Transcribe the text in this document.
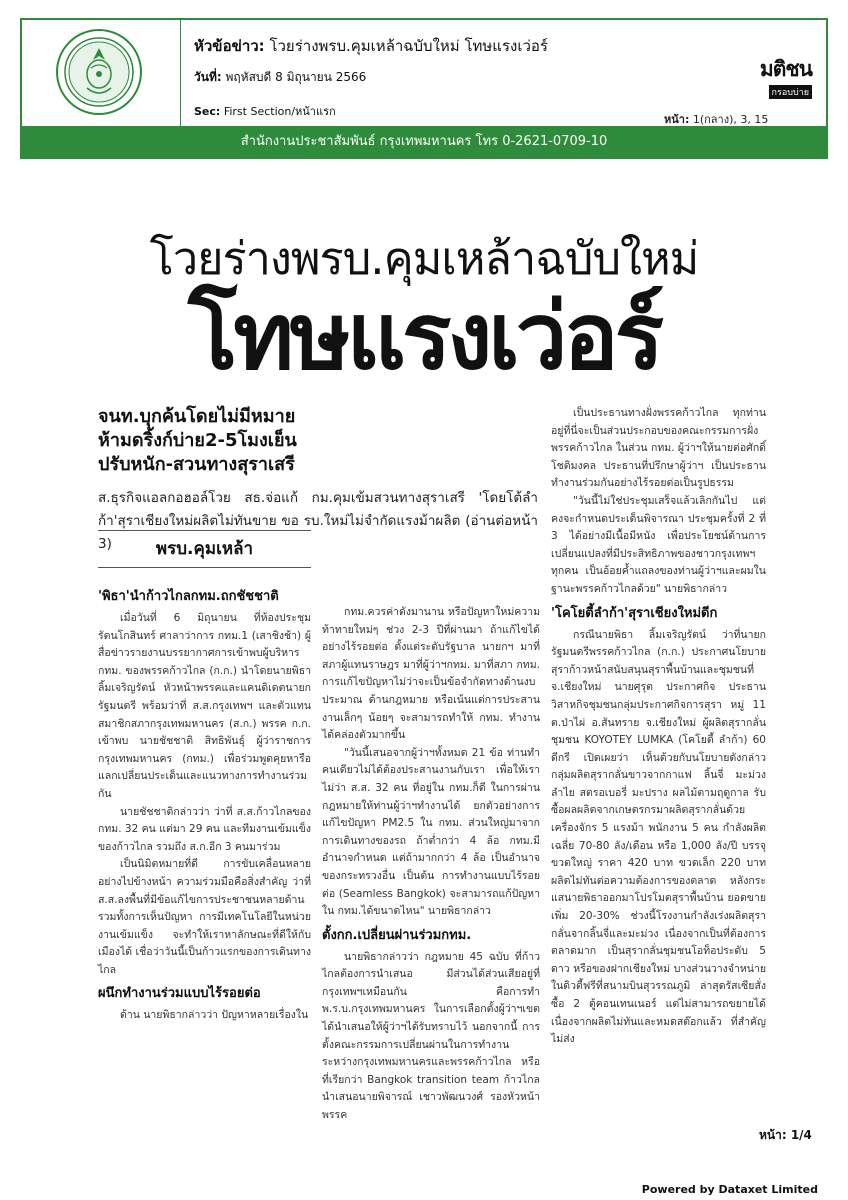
หัวข้อข่าว: โวยร่างพรบ.คุมเหล้าฉบับใหม่ โทษแรงเว่อร์
วันที่: พฤหัสบดี 8 มิถุนายน 2566
Sec: First Section/หน้าแรก
หน้า: 1(กลาง), 3, 15
มติชน
กรอบบ่าย
สำนักงานประชาสัมพันธ์ กรุงเทพมหานคร โทร 0-2621-0709-10
โวยร่างพรบ.คุมเหล้าฉบับใหม่
โทษแรงเว่อร์
จนท.บุกค้นโดยไม่มีหมาย
ห้ามดริ้งก์บ่าย2-5โมงเย็น
ปรับหนัก-สวนทางสุราเสรี
ส.ธุรกิจแอลกอฮอล์โวย สธ.จ่อแก้ กม.คุมเข้มสวนทางสุราเสรี 'โดยโต้ลำก้า'สุราเชียงใหม่ผลิตไม่ทันขาย ขอ รบ.ใหม่ไม่จำกัดแรงม้าผลิต (อ่านต่อหน้า 3)	พรบ.คุมเหล้า
'พิธา'นำก้าวไกลกทม.ถกชัชชาติ

เมื่อวันที่ 6 มิถุนายน ที่ห้องประชุมรัตนโกสินทร์ ศาลาว่าการ กทม.1 (เสาชิงช้า) ผู้สื่อข่าวรายงานบรรยากาศการเข้าพบผู้บริหาร กทม. ของพรรคก้าวไกล (ก.ก.) นำโดยนายพิธา ลิ้มเจริญรัตน์ หัวหน้าพรรคและแคนดิเดตนายกรัฐมนตรี พร้อมว่าที่ ส.ส.กรุงเทพฯ และตัวแทน สมาชิกสภากรุงเทพมหานคร (ส.ก.) พรรค ก.ก. เข้าพบ นายชัชชาติ สิทธิพันธุ์ ผู้ว่าราชการกรุงเทพมหานคร (กทม.) เพื่อร่วมพูดคุยหารือแลกเปลี่ยนประเด็นและแนวทางการทำงานร่วมกัน

นายชัชชาติกล่าวว่า ว่าที่ ส.ส.ก้าวไกลของ กทม. 32 คน แต่มา 29 คน และทีมงานเข้มแข็งของก้าวไกล รวมถึง ส.ก.อีก 3 คนมาร่วม

เป็นนิมิตหมายที่ดี การขับเคลื่อนหลายอย่างไปข้างหน้า ความร่วมมือคือสิ่งสำคัญ ว่าที่ ส.ส.ลงพื้นที่มีข้อแก้ไขการประชาชนหลายด้าน รวมทั้งการเห็นปัญหา การมีเทคโนโลยีในหน่วยงานเข้มแข็ง จะทำให้เราหาลักษณะที่ดีให้กับเมืองได้ เชื่อว่าวันนี้เป็นก้าวแรกของการเดินทางไกล

ผนึกทำงานร่วมแบบไร้รอยต่อ

ด้าน นายพิธากล่าวว่า ปัญหาหลายเรื่องใน

กทม.ควรค่าดังมานาน หรือปัญหาใหม่ความท้าทายใหม่ๆ ช่วง 2-3 ปีที่ผ่านมา ถ้าแก้ไขได้อย่างไร้รอยต่อ ตั้งแต่ระดับรัฐบาล นายกฯ มาที่สภาผู้แทนราษฎร มาที่ผู้ว่าฯกทม. มาที่สภา กทม. การแก้ไขปัญหาไม่ว่าจะเป็นข้อจำกัดทางด้านงบประมาณ ด้านกฎหมาย หรือเน้นแต่การประสานงานเล็กๆ น้อยๆ จะสามารถทำให้ กทม. ทำงานได้คล่องตัวมากขึ้น

"วันนี้เสนอจากผู้ว่าฯทั้งหมด 21 ข้อ ท่านทำคนเดียวไม่ได้ต้องประสานงานกับเรา เพื่อให้เราไม่ว่า ส.ส. 32 คน ที่อยู่ใน กทม.ก็ดี ในการผ่านกฎหมายให้ท่านผู้ว่าฯทำงานได้ ยกตัวอย่างการแก้ไขปัญหา PM2.5 ใน กทม. ส่วนใหญ่มาจากการเดินทางของรถ ถ้าต่ำกว่า 4 ล้อ กทม.มีอำนาจกำหนด แต่ถ้ามากกว่า 4 ล้อ เป็นอำนาจของกระทรวงอื่น เป็นต้น การทำงานแบบไร้รอยต่อ (Seamless Bangkok) จะสามารถแก้ปัญหาใน กทม.ได้ขนาดไหน" นายพิธากล่าว

ตั้งกก.เปลี่ยนผ่านร่วมกทม.

นายพิธากล่าวว่า กฎหมาย 45 ฉบับ ที่ก้าวไกลต้องการนำเสนอ มีส่วนได้ส่วนเสียอยู่ที่กรุงเทพฯเหมือนกัน คือการทำ พ.ร.บ.กรุงเทพมหานคร ในการเลือกตั้งผู้ว่าฯเขต ได้นำเสนอให้ผู้ว่าฯได้รับทราบไว้ นอกจากนี้ การตั้งคณะกรรมการเปลี่ยนผ่านในการทำงานระหว่างกรุงเทพมหานครและพรรคก้าวไกล หรือที่เรียกว่า Bangkok transition team ก้าวไกลนำเสนอนายพิจารณ์ เชาวพัฒนวงศ์ รองหัวหน้าพรรค

เป็นประธานทางฝั่งพรรคก้าวไกล ทุกท่านอยู่ที่นี่จะเป็นส่วนประกอบของคณะกรรมการฝั่งพรรคก้าวไกล ในส่วน กทม. ผู้ว่าฯให้นายต่อศักดิ์ โชติมงคล ประธานที่ปรึกษาผู้ว่าฯ เป็นประธานทำงานร่วมกันอย่างไร้รอยต่อเป็นรูปธรรม

"วันนี้ไม่ใช่ประชุมเสร็จแล้วเลิกกันไป แต่คงจะกำหนดประเด็นพิจารณา ประชุมครั้งที่ 2 ที่ 3 ได้อย่างมีเนื้อมีหนัง เพื่อประโยชน์ด้านการเปลี่ยนแปลงที่มีประสิทธิภาพของชาวกรุงเทพฯทุกคน เป็นอ้อยค้ำแถลงของท่านผู้ว่าฯและผมในฐานะพรรคก้าวไกลด้วย" นายพิธากล่าว

'โคโยตี้ลำก้า'สุราเชียงใหม่ดีก

กรณีนายพิธา ลิ้มเจริญรัตน์ ว่าที่นายกรัฐมนตรีพรรคก้าวไกล (ก.ก.) ประกาศนโยบายสุราก้าวหน้าสนับสนุนสุราพื้นบ้านและชุมชนที่ จ.เชียงใหม่ นายศุรุต ประกาศกิจ ประธานวิสาหกิจชุมชนกลุ่มประกาศกิจการสุรา หมู่ 11 ต.ป่าไผ่ อ.สันทราย จ.เชียงใหม่ ผู้ผลิตสุรากลั่นชุมชน KOYOTEY LUMKA (โคโยตี้ ลำก้า) 60 ดีกรี เปิดเผยว่า เห็นด้วยกับนโยบายดังกล่าว กลุ่มผลิตสุรากลั่นขาวจากกาแฟ ลิ้นจี่ มะม่วง ลำไย สตรอเบอรี่ มะปราง ผลไม้ตามฤดูกาล รับซื้อผลผลิตจากเกษตรกรมาผลิตสุรากลั่นด้วยเครื่องจักร 5 แรงม้า พนักงาน 5 คน กำลังผลิตเฉลี่ย 70-80 ลัง/เดือน หรือ 1,000 ลัง/ปี บรรจุขวดใหญ่ ราคา 420 บาท ขวดเล็ก 220 บาท ผลิตไม่ทันต่อความต้องการของตลาด หลังกระแสนายพิธาออกมาโปรโมตสุราพื้นบ้าน ยอดขายเพิ่ม 20-30% ช่วงนี้โรงงานกำลังเร่งผลิตสุรากลั่นจากลิ้นจี่และมะม่วง เนื่องจากเป็นที่ต้องการตลาดมาก เป็นสุรากลั่นชุมชนโอท็อประดับ 5 ดาว หรือของฝากเชียงใหม่ บางส่วนวางจำหน่ายในดิวตี้ฟรีที่สนามบินสุวรรณภูมิ ล่าสุดรัสเซียสั่งซื้อ 2 ตู้คอนเทนเนอร์ แต่ไม่สามารถขยายได้ เนื่องจากผลิตไม่ทันและหมดสต๊อกแล้ว ที่สำคัญไม่ส่ง

หน้า: 1/4
Powered by Dataxet Limited
